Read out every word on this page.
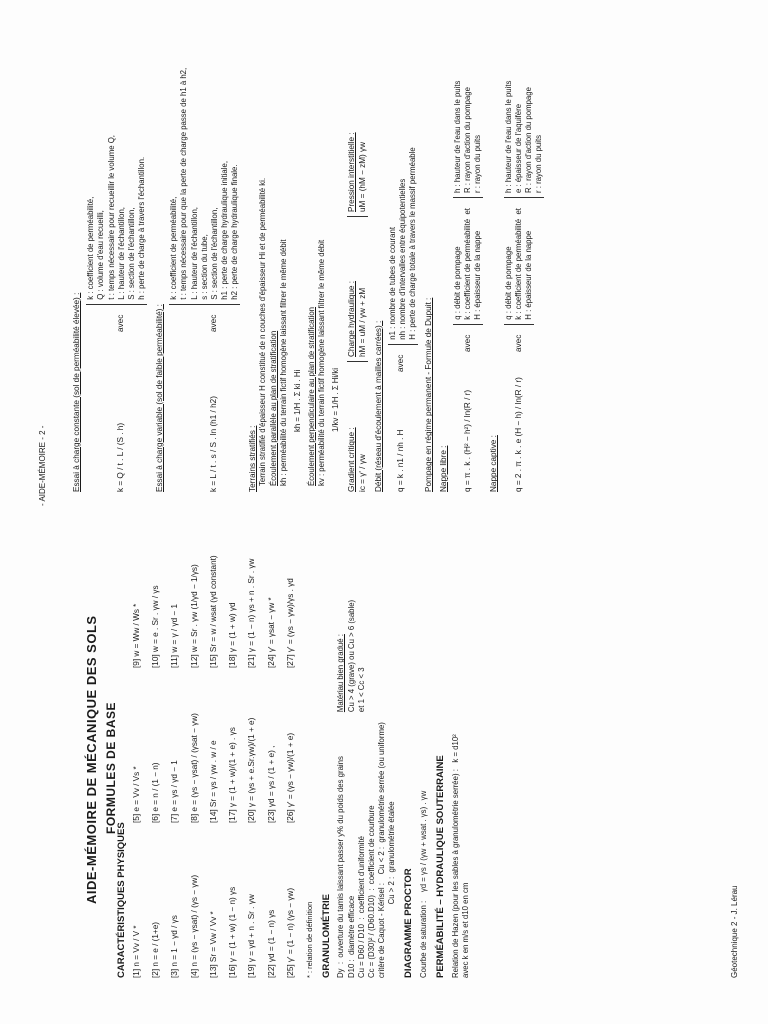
- AIDE-MÉMOIRE - 2 -
AIDE-MÉMOIRE DE MÉCANIQUE DES SOLS FORMULES DE BASE
CARACTÉRISTIQUES PHYSIQUES [1] n = Vv / V *
[5] e = Vv / Vs *
[9] w = Ww / Ws *
[2] n = e / (1+e)
[6] e = n / (1 − n)
[10] w = e . Sr . γw / γs
[3] n = 1 − γd / γs
[7] e = γs / γd − 1
[11] w = γ / γd − 1
[4] n = (γs − γsat) / (γs − γw)
[8] e = (γs − γsat) / (γsat − γw)
[12] w = Sr . γw (1/γd − 1/γs)
[13] Sr = Vw / Vv *
[14] Sr = γs / γw . w / e
[15] Sr = w / wsat (γd constant)
[16] γ = (1 + w) (1 − n) γs
[17] γ = (1 + w)/(1 + e) . γs
[18] γ = (1 + w) γd
[19] γ = γd + n . Sr . γw
[20] γ = (γs + e.Sr.γw)/(1 + e)
[21] γ = (1 − n) γs + n . Sr . γw
[22] γd = (1 − n) γs
[23] γd = γs / (1 + e) ,
[24] γ' = γsat − γw *
[25] γ' = (1 − n) (γs − γw)
[26] γ' = (γs − γw)/(1 + e)
[27] γ' = (γs − γw)/γs . γd
* : relation de définition GRANULOMÉTRIE Dy  :  ouverture du tamis laissant passer y% du poids des grains D10 :  diamètre efficace Cu = D60 / D10  :  coefficient d'uniformité Cc = (D30)² / (D60.D10)  :  coefficient de courbure critère de Caquot - Kérisel :    Cu < 2 :  granulométrie serrée (ou uniforme) Cu > 2 :  granulométrie étalée
Matériau bien gradué : Cu > 4 (grave) ou Cu > 6 (sable) et 1 < Cc < 3
DIAGRAMME PROCTOR Courbe de saturation :    γd = γs / (γw + wsat . γs) . γw PERMÉABILITÉ – HYDRAULIQUE SOUTERRAINE Relation de Hazen (pour les sables à granulométrie serrée) :   k = d10² avec k en m/s et d10 en cm
Essai à charge constante (sol de perméabilité élevée) :	k = Q / t . L / (S . h)
avec
k : coefficient de perméabilité, Q : volume d'eau recueilli, t : temps nécessaire pour recueillir le volume Q, L : hauteur de l'échantillon, S : section de l'échantillon, h : perte de charge à travers l'échantillon.
Essai à charge variable (sol de faible perméabilité) :	k = L / t . s / S . ln (h1 / h2)
avec
k : coefficient de perméabilité, t : temps nécessaire pour que la perte de charge passe de h1 à h2, L : hauteur de l'échantillon, s : section du tube, S : section de l'échantillon, h1 : perte de charge hydraulique initiale, h2 : perte de charge hydraulique finale.
Terrains stratifiés : Terrain stratifié d'épaisseur H constitué de n couches d'épaisseur Hi et de perméabilité ki. Écoulement parallèle au plan de stratification kh : perméabilité du terrain fictif homogène laissant filtrer le même débit kh = 1/H . Σ ki . Hi Écoulement perpendiculaire au plan de stratification kv : perméabilité du terrain fictif homogène laissant filtrer le même débit 1/kv = 1/H . Σ Hi/ki
Gradient critique : ic = γ' / γw
Charge hydraulique : hM = uM / γw + zM
Pression interstitielle : uM = (hM − zM) γw
Débit (réseau d'écoulement à mailles carrées) :	q = k . n1 / nh . H
avec
n1 : nombre de tubes de courant nh : nombre d'intervalles entre équipotentielles H : perte de charge totale à travers le massif perméable
Pompage en régime permanent - Formule de Dupuit : Nappe libre :	q = π . k . (H² − h²) / ln(R / r)
avec
q : débit de pompage k : coefficient de perméabilité  et H : épaisseur de la nappe
h : hauteur de l'eau dans le puits R : rayon d'action du pompage r : rayon du puits
Nappe captive :	q = 2 . π . k . e (H − h) / ln(R / r)
avec
q : débit de pompage k : coefficient de perméabilité  et H : épaisseur de la nappe
h : hauteur de l'eau dans le puits e : épaisseur de l'aquifère R : rayon d'action du pompage r : rayon du puits
Géotechnique 2 - J. Lérau
